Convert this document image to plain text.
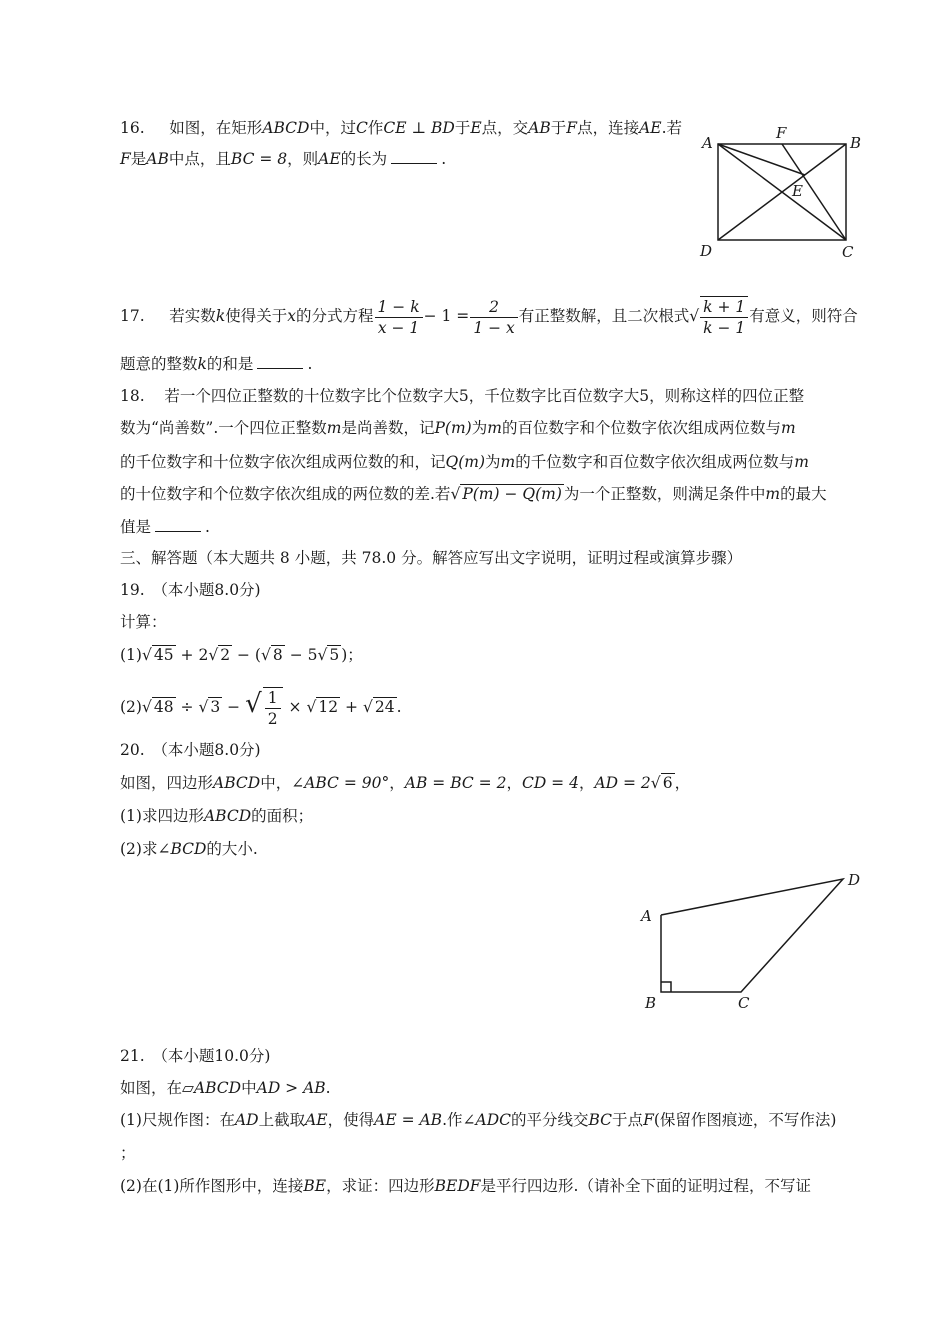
16. 如图，在矩形ABCD中，过C作CE ⊥ BD于E点，交AB于F点，连接AE.若
F是AB中点，且BC = 8，则AE的长为	.
A
F
B
E
D	C
17. 若实数k使得关于x的分式方程 $\frac{1 - k}{x - 1} - 1 = \frac{2}{1 - x}$ 有正整数解，且二次根式√ $\frac{k + 1}{k - 1}$ 有意义，则符合
题意的整数k的和是	.
18. 若一个四位正整数的十位数字比个位数字大5，千位数字比百位数字大5，则称这样的四位正整
数为“尚善数”.一个四位正整数m是尚善数，记P(m)为m的百位数字和个位数字依次组成两位数与m
的千位数字和十位数字依次组成两位数的和，记Q(m)为m的千位数字和百位数字依次组成两位数与m
的十位数字和个位数字依次组成的两位数的差.若√ P(m) − Q(m) 为一个正整数，则满足条件中m的最大
值是	.
三、解答题（本大题共 8 小题，共 78.0 分。解答应写出文字说明，证明过程或演算步骤）
19.　（本小题8.0分)
计算：
(1)√ 45 + 2√ 2 − (√ 8 − 5√ 5 )；
(2)√ 48 ÷ √ 3 − √ $\frac{1}{2}$ × √ 12 + √ 24 .
20.　（本小题8.0分)
如图，四边形ABCD中，∠ABC = 90°，AB = BC = 2，CD = 4，AD = 2√ 6 ，
(1)求四边形ABCD的面积；
(2)求∠BCD的大小.
A
B	C
D
21.　（本小题10.0分)
如图，在▱ABCD中AD > AB.
(1)尺规作图：在AD上截取AE，使得AE = AB.作∠ADC的平分线交BC于点F(保留作图痕迹，不写作法)
；
(2)在(1)所作图形中，连接BE，求证：四边形BEDF是平行四边形.（请补全下面的证明过程，不写证
